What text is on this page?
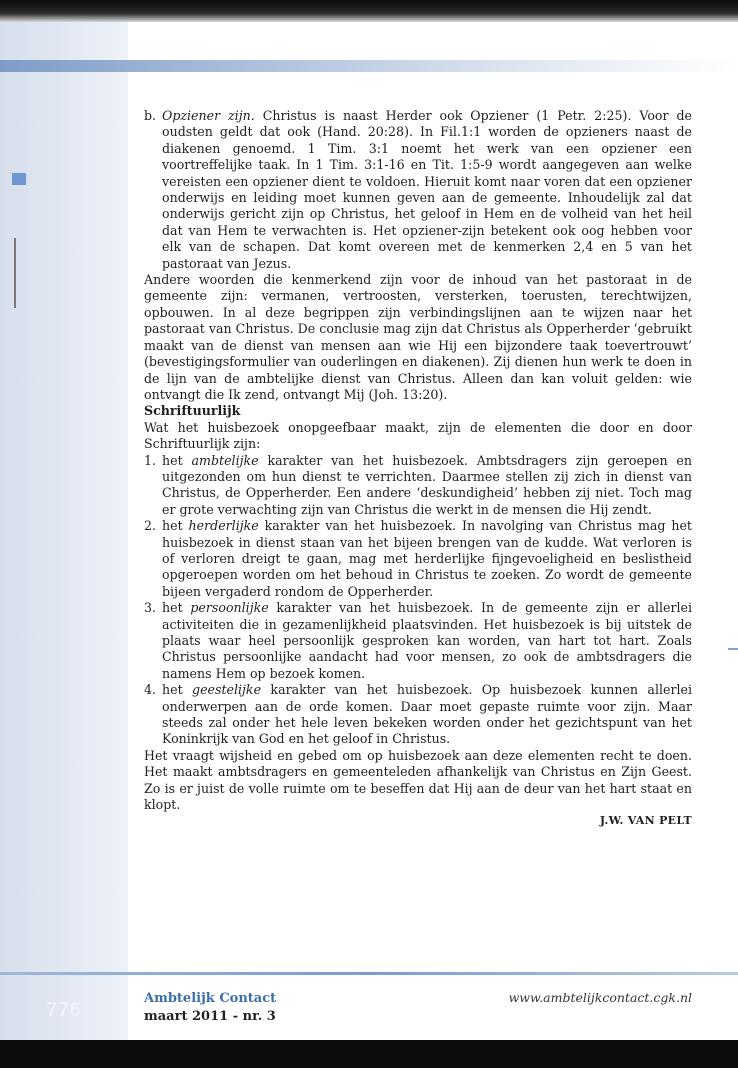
b. Opziener zijn. Christus is naast Herder ook Opziener (1 Petr. 2:25). Voor de oudsten geldt dat ook (Hand. 20:28). In Fil.1:1 worden de opzieners naast de diakenen genoemd. 1 Tim. 3:1 noemt het werk van een opziener een voortreffelijke taak. In 1 Tim. 3:1-16 en Tit. 1:5-9 wordt aangegeven aan welke vereisten een opziener dient te voldoen. Hieruit komt naar voren dat een opziener onderwijs en leiding moet kunnen geven aan de gemeente. Inhoudelijk zal dat onderwijs gericht zijn op Christus, het geloof in Hem en de volheid van het heil dat van Hem te verwachten is. Het opziener-zijn betekent ook oog hebben voor elk van de schapen. Dat komt overeen met de kenmerken 2,4 en 5 van het pastoraat van Jezus.

Andere woorden die kenmerkend zijn voor de inhoud van het pastoraat in de gemeente zijn: vermanen, vertroosten, versterken, toerusten, terechtwijzen, opbouwen. In al deze begrippen zijn verbindingslijnen aan te wijzen naar het pastoraat van Christus. De conclusie mag zijn dat Christus als Opperherder ‘gebruikt maakt van de dienst van mensen aan wie Hij een bijzondere taak toevertrouwt’ (bevestigingsformulier van ouderlingen en diakenen). Zij dienen hun werk te doen in de lijn van de ambtelijke dienst van Christus. Alleen dan kan voluit gelden: wie ontvangt die Ik zend, ontvangt Mij (Joh. 13:20).

Schriftuurlijk

Wat het huisbezoek onopgeefbaar maakt, zijn de elementen die door en door Schriftuurlijk zijn:

1. het ambtelijke karakter van het huisbezoek. Ambtsdragers zijn geroepen en uitgezonden om hun dienst te verrichten. Daarmee stellen zij zich in dienst van Christus, de Opperherder. Een andere ‘deskundigheid’ hebben zij niet. Toch mag er grote verwachting zijn van Christus die werkt in de mensen die Hij zendt.

2. het herderlijke karakter van het huisbezoek. In navolging van Christus mag het huisbezoek in dienst staan van het bijeen brengen van de kudde. Wat verloren is of verloren dreigt te gaan, mag met herderlijke fijngevoeligheid en beslistheid opgeroepen worden om het behoud in Christus te zoeken. Zo wordt de gemeente bijeen vergaderd rondom de Opperherder.

3. het persoonlijke karakter van het huisbezoek. In de gemeente zijn er allerlei activiteiten die in gezamenlijkheid plaatsvinden. Het huisbezoek is bij uitstek de plaats waar heel persoonlijk gesproken kan worden, van hart tot hart. Zoals Christus persoonlijke aandacht had voor mensen, zo ook de ambtsdragers die namens Hem op bezoek komen.

4. het geestelijke karakter van het huisbezoek. Op huisbezoek kunnen allerlei onderwerpen aan de orde komen. Daar moet gepaste ruimte voor zijn. Maar steeds zal onder het hele leven bekeken worden onder het gezichtspunt van het Koninkrijk van God en het geloof in Christus.

Het vraagt wijsheid en gebed om op huisbezoek aan deze elementen recht te doen. Het maakt ambtsdragers en gemeenteleden afhankelijk van Christus en Zijn Geest. Zo is er juist de volle ruimte om te beseffen dat Hij aan de deur van het hart staat en klopt.

J.W. VAN PELT

776
Ambtelijk Contact
maart 2011 - nr. 3
www.ambtelijkcontact.cgk.nl
